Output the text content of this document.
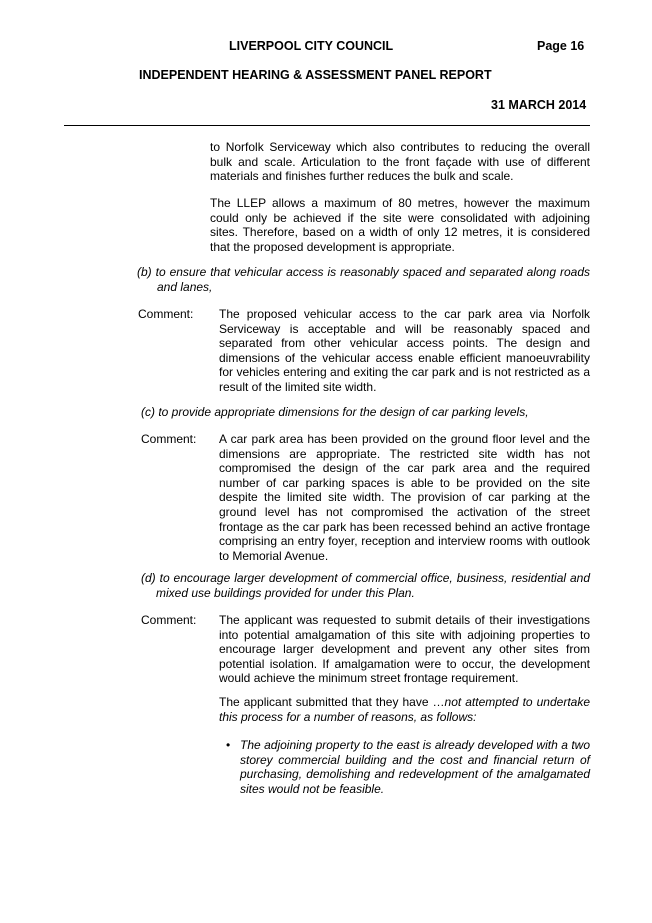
LIVERPOOL CITY COUNCIL	Page 16
INDEPENDENT HEARING & ASSESSMENT PANEL REPORT
31 MARCH 2014

to Norfolk Serviceway which also contributes to reducing the overall bulk and scale. Articulation to the front façade with use of different materials and finishes further reduces the bulk and scale.

The LLEP allows a maximum of 80 metres, however the maximum could only be achieved if the site were consolidated with adjoining sites. Therefore, based on a width of only 12 metres, it is considered that the proposed development is appropriate.

(b) to ensure that vehicular access is reasonably spaced and separated along roads and lanes,

Comment: The proposed vehicular access to the car park area via Norfolk Serviceway is acceptable and will be reasonably spaced and separated from other vehicular access points. The design and dimensions of the vehicular access enable efficient manoeuvrability for vehicles entering and exiting the car park and is not restricted as a result of the limited site width.

(c) to provide appropriate dimensions for the design of car parking levels,

Comment: A car park area has been provided on the ground floor level and the dimensions are appropriate. The restricted site width has not compromised the design of the car park area and the required number of car parking spaces is able to be provided on the site despite the limited site width. The provision of car parking at the ground level has not compromised the activation of the street frontage as the car park has been recessed behind an active frontage comprising an entry foyer, reception and interview rooms with outlook to Memorial Avenue.

(d) to encourage larger development of commercial office, business, residential and mixed use buildings provided for under this Plan.

Comment: The applicant was requested to submit details of their investigations into potential amalgamation of this site with adjoining properties to encourage larger development and prevent any other sites from potential isolation. If amalgamation were to occur, the development would achieve the minimum street frontage requirement.

The applicant submitted that they have …not attempted to undertake this process for a number of reasons, as follows:

• The adjoining property to the east is already developed with a two storey commercial building and the cost and financial return of purchasing, demolishing and redevelopment of the amalgamated sites would not be feasible.
